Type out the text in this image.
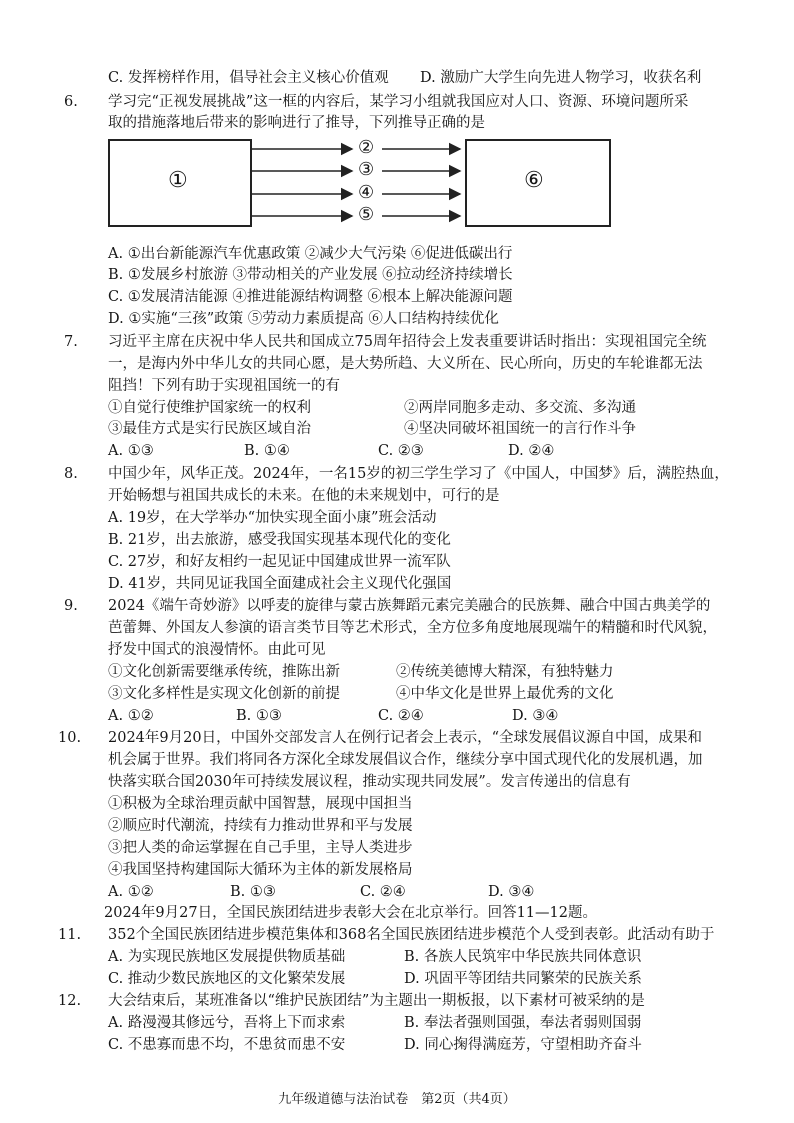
C. 发挥榜样作用，倡导社会主义核心价值观 D. 激励广大学生向先进人物学习，收获名利
6. 学习完“正视发展挑战”这一框的内容后，某学习小组就我国应对人口、资源、环境问题所采
取的措施落地后带来的影响进行了推导，下列推导正确的是
①
②
③
④
⑤
⑥
A. ①出台新能源汽车优惠政策 ②减少大气污染 ⑥促进低碳出行
B. ①发展乡村旅游 ③带动相关的产业发展 ⑥拉动经济持续增长
C. ①发展清洁能源 ④推进能源结构调整 ⑥根本上解决能源问题
D. ①实施“三孩”政策 ⑤劳动力素质提高 ⑥人口结构持续优化
7. 习近平主席在庆祝中华人民共和国成立75周年招待会上发表重要讲话时指出：实现祖国完全统
一，是海内外中华儿女的共同心愿，是大势所趋、大义所在、民心所向，历史的车轮谁都无法
阻挡！下列有助于实现祖国统一的有
①自觉行使维护国家统一的权利	②两岸同胞多走动、多交流、多沟通
③最佳方式是实行民族区域自治	④坚决同破坏祖国统一的言行作斗争
A. ①③	B. ①④	C. ②③	D. ②④
8. 中国少年，风华正茂。2024年，一名15岁的初三学生学习了《中国人，中国梦》后，满腔热血，
开始畅想与祖国共成长的未来。在他的未来规划中，可行的是
A. 19岁，在大学举办“加快实现全面小康”班会活动
B. 21岁，出去旅游，感受我国实现基本现代化的变化
C. 27岁，和好友相约一起见证中国建成世界一流军队
D. 41岁，共同见证我国全面建成社会主义现代化强国
9. 2024《端午奇妙游》以呼麦的旋律与蒙古族舞蹈元素完美融合的民族舞、融合中国古典美学的
芭蕾舞、外国友人参演的语言类节目等艺术形式，全方位多角度地展现端午的精髓和时代风貌，
抒发中国式的浪漫情怀。由此可见
①文化创新需要继承传统，推陈出新	②传统美德博大精深，有独特魅力
③文化多样性是实现文化创新的前提	④中华文化是世界上最优秀的文化
A. ①②	B. ①③	C. ②④	D. ③④
10. 2024年9月20日，中国外交部发言人在例行记者会上表示，“全球发展倡议源自中国，成果和
机会属于世界。我们将同各方深化全球发展倡议合作，继续分享中国式现代化的发展机遇，加
快落实联合国2030年可持续发展议程，推动实现共同发展”。发言传递出的信息有
①积极为全球治理贡献中国智慧，展现中国担当
②顺应时代潮流，持续有力推动世界和平与发展
③把人类的命运掌握在自己手里，主导人类进步
④我国坚持构建国际大循环为主体的新发展格局
A. ①②	B. ①③	C. ②④	D. ③④
2024年9月27日，全国民族团结进步表彰大会在北京举行。回答11—12题。
11. 352个全国民族团结进步模范集体和368名全国民族团结进步模范个人受到表彰。此活动有助于
A. 为实现民族地区发展提供物质基础	B. 各族人民筑牢中华民族共同体意识
C. 推动少数民族地区的文化繁荣发展	D. 巩固平等团结共同繁荣的民族关系
12. 大会结束后，某班准备以“维护民族团结”为主题出一期板报，以下素材可被采纳的是
A. 路漫漫其修远兮，吾将上下而求索	B. 奉法者强则国强，奉法者弱则国弱
C. 不患寡而患不均，不患贫而患不安	D. 同心掬得满庭芳，守望相助齐奋斗
九年级道德与法治试卷　第2页（共4页）
